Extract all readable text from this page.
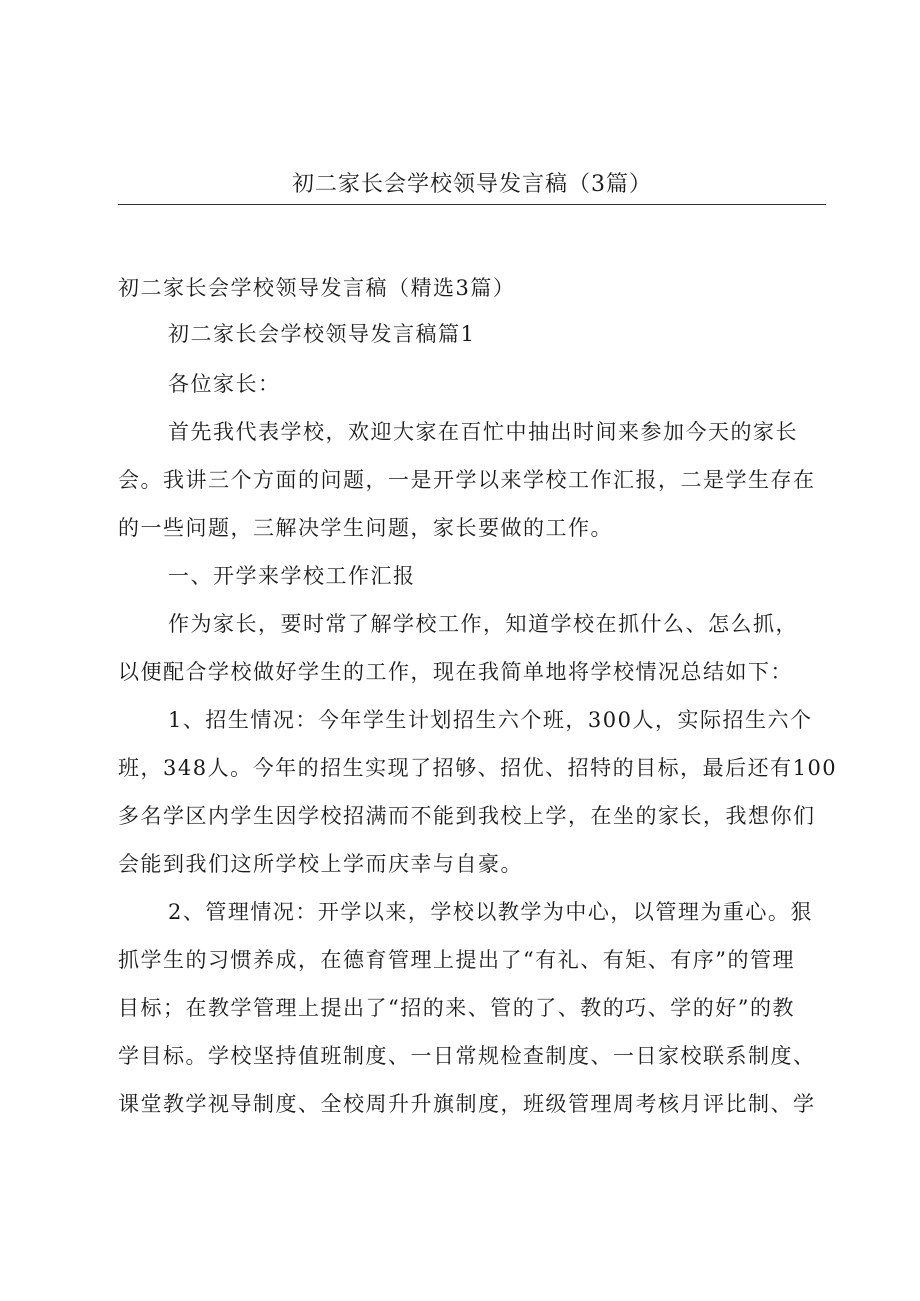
初二家长会学校领导发言稿（3篇）

初二家长会学校领导发言稿（精选3篇）

初二家长会学校领导发言稿篇1

各位家长：

首先我代表学校，欢迎大家在百忙中抽出时间来参加今天的家长

会。我讲三个方面的问题，一是开学以来学校工作汇报，二是学生存在

的一些问题，三解决学生问题，家长要做的工作。

一、开学来学校工作汇报

作为家长，要时常了解学校工作，知道学校在抓什么、怎么抓，

以便配合学校做好学生的工作，现在我简单地将学校情况总结如下：

1、招生情况：今年学生计划招生六个班，300人，实际招生六个

班，348人。今年的招生实现了招够、招优、招特的目标，最后还有100

多名学区内学生因学校招满而不能到我校上学，在坐的家长，我想你们

会能到我们这所学校上学而庆幸与自豪。

2、管理情况：开学以来，学校以教学为中心，以管理为重心。狠

抓学生的习惯养成，在德育管理上提出了“有礼、有矩、有序”的管理

目标；在教学管理上提出了“招的来、管的了、教的巧、学的好”的教

学目标。学校坚持值班制度、一日常规检查制度、一日家校联系制度、

课堂教学视导制度、全校周升升旗制度，班级管理周考核月评比制、学
